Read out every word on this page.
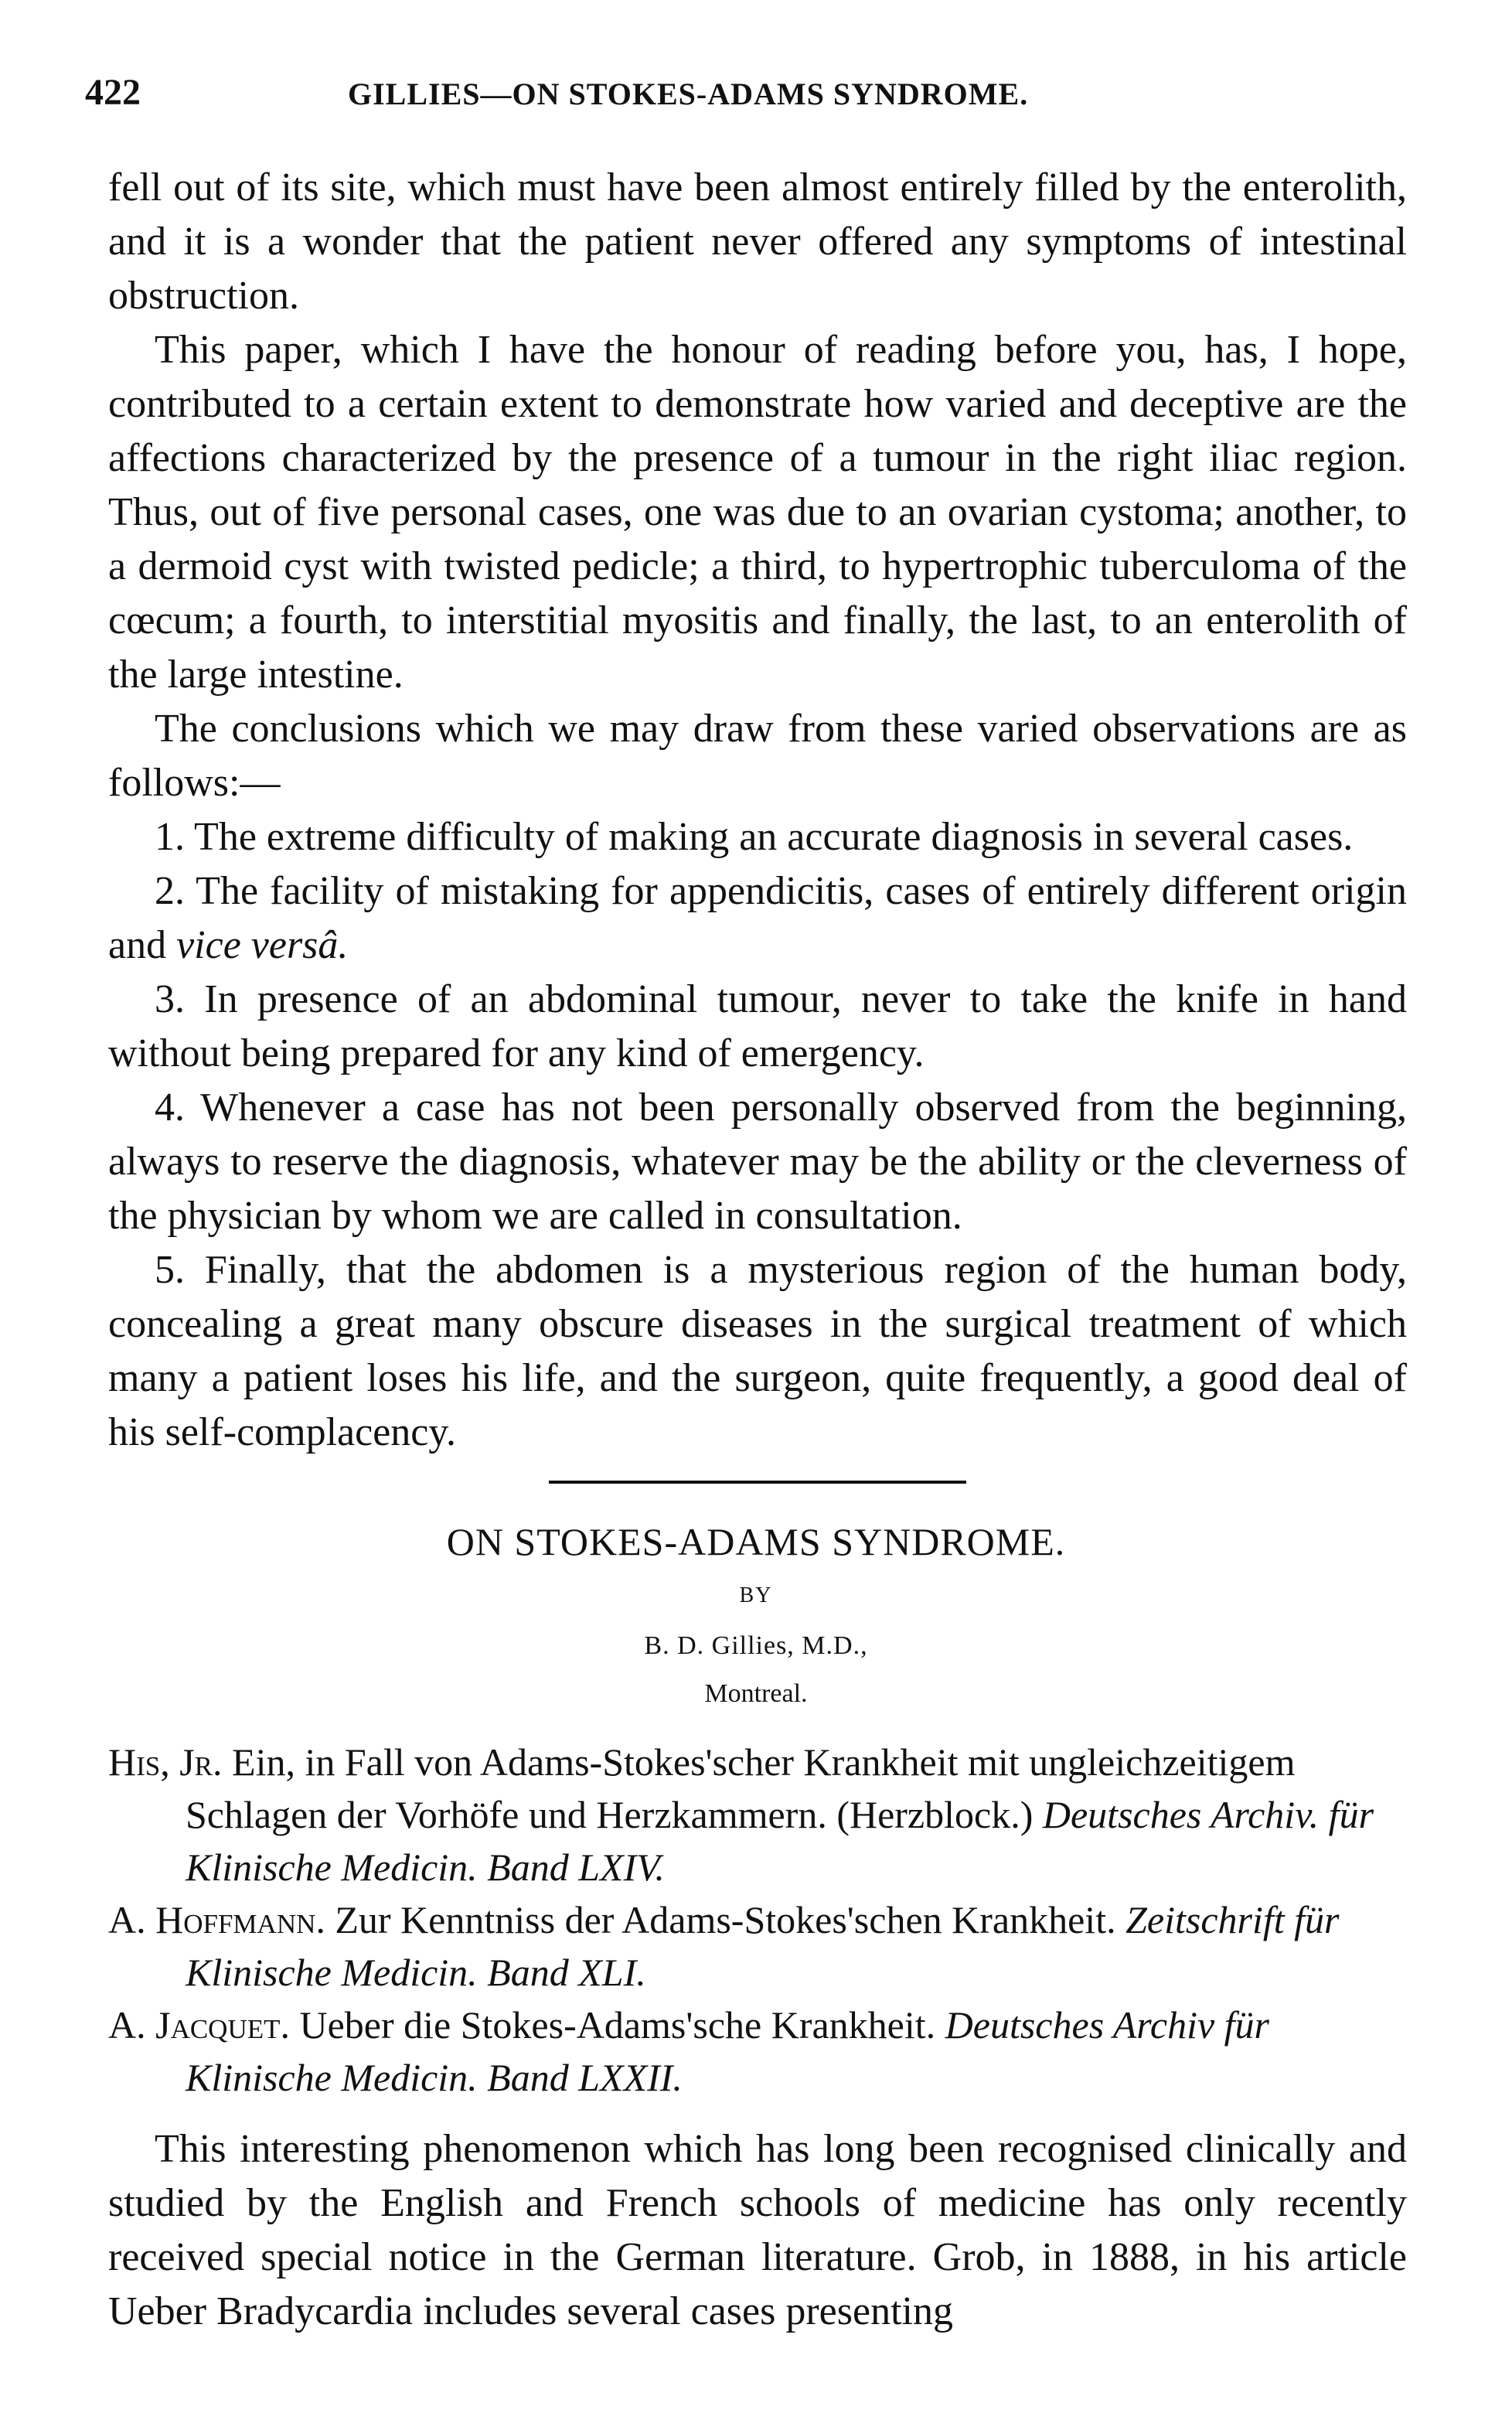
422	GILLIES—ON STOKES-ADAMS SYNDROME.

fell out of its site, which must have been almost entirely filled by the enterolith, and it is a wonder that the patient never offered any symptoms of intestinal obstruction.

This paper, which I have the honour of reading before you, has, I hope, contributed to a certain extent to demonstrate how varied and deceptive are the affections characterized by the presence of a tumour in the right iliac region. Thus, out of five personal cases, one was due to an ovarian cystoma; another, to a dermoid cyst with twisted pedicle; a third, to hypertrophic tuberculoma of the cœcum; a fourth, to interstitial myositis and finally, the last, to an enterolith of the large intestine.

The conclusions which we may draw from these varied observations are as follows:—

1. The extreme difficulty of making an accurate diagnosis in several cases.

2. The facility of mistaking for appendicitis, cases of entirely different origin and vice versâ.

3. In presence of an abdominal tumour, never to take the knife in hand without being prepared for any kind of emergency.

4. Whenever a case has not been personally observed from the beginning, always to reserve the diagnosis, whatever may be the ability or the cleverness of the physician by whom we are called in consultation.

5. Finally, that the abdomen is a mysterious region of the human body, concealing a great many obscure diseases in the surgical treatment of which many a patient loses his life, and the surgeon, quite frequently, a good deal of his self-complacency.

ON STOKES-ADAMS SYNDROME.
BY
B. D. Gillies, M.D.,
Montreal.

His, Jr. Ein, in Fall von Adams-Stokes'scher Krankheit mit ungleichzeitigem Schlagen der Vorhöfe und Herzkammern. (Herzblock.) Deutsches Archiv. für Klinische Medicin. Band LXIV.

A. Hoffmann. Zur Kenntniss der Adams-Stokes'schen Krankheit. Zeitschrift für Klinische Medicin. Band XLI.

A. Jacquet. Ueber die Stokes-Adams'sche Krankheit. Deutsches Archiv für Klinische Medicin. Band LXXII.

This interesting phenomenon which has long been recognised clinically and studied by the English and French schools of medicine has only recently received special notice in the German literature. Grob, in 1888, in his article Ueber Bradycardia includes several cases presenting
